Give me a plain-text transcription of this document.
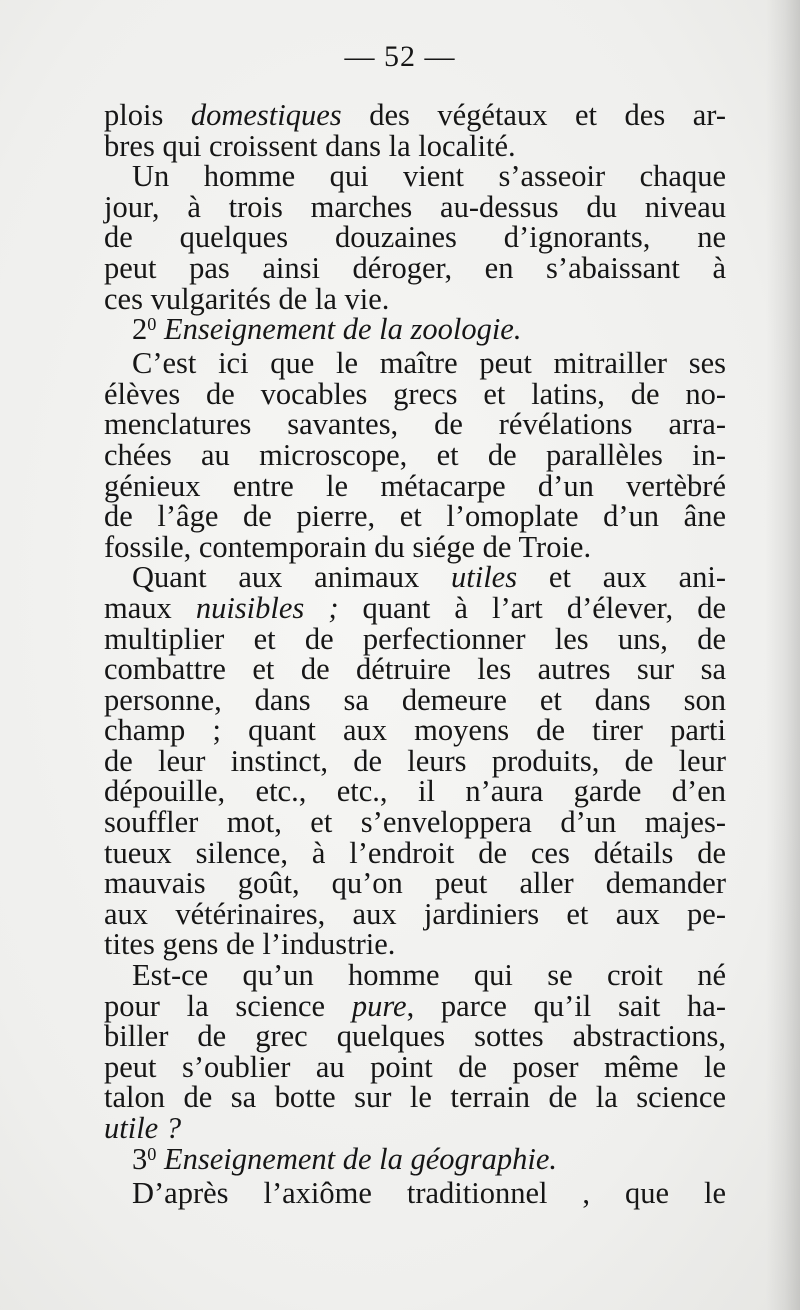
— 52 —
plois domestiques des végétaux et des ar-
bres qui croissent dans la localité.
Un homme qui vient s’asseoir chaque
jour, à trois marches au-dessus du niveau
de quelques douzaines d’ignorants, ne
peut pas ainsi déroger, en s’abaissant à
ces vulgarités de la vie.
$2^0$ Enseignement de la zoologie.
C’est ici que le maître peut mitrailler ses
élèves de vocables grecs et latins, de no-
menclatures savantes, de révélations arra-
chées au microscope, et de parallèles in-
génieux entre le métacarpe d’un vertèbré
de l’âge de pierre, et l’omoplate d’un âne
fossile, contemporain du siége de Troie.
Quant aux animaux utiles et aux ani-
maux nuisibles ; quant à l’art d’élever, de
multiplier et de perfectionner les uns, de
combattre et de détruire les autres sur sa
personne, dans sa demeure et dans son
champ ; quant aux moyens de tirer parti
de leur instinct, de leurs produits, de leur
dépouille, etc., etc., il n’aura garde d’en
souffler mot, et s’enveloppera d’un majes-
tueux silence, à l’endroit de ces détails de
mauvais goût, qu’on peut aller demander
aux vétérinaires, aux jardiniers et aux pe-
tites gens de l’industrie.
Est-ce qu’un homme qui se croit né
pour la science pure, parce qu’il sait ha-
biller de grec quelques sottes abstractions,
peut s’oublier au point de poser même le
talon de sa botte sur le terrain de la science
utile ?
$3^0$ Enseignement de la géographie.
D’après l’axiôme traditionnel , que le
